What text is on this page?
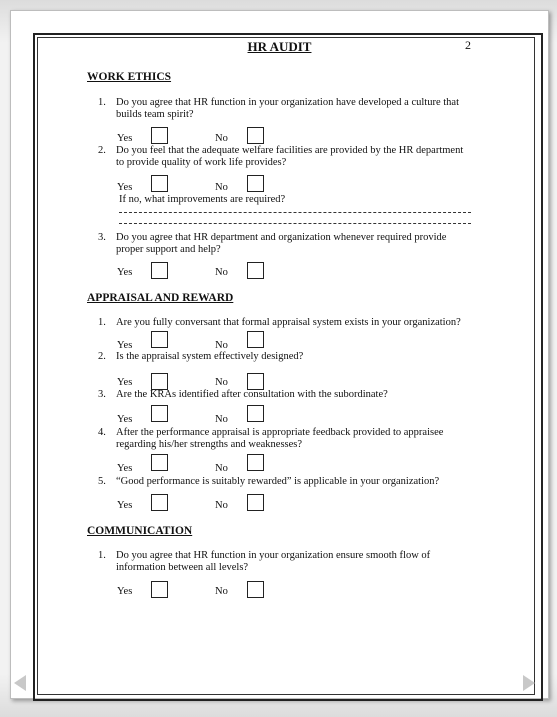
HR AUDIT	2
WORK ETHICS
1. Do you agree that HR function in your organization have developed a culture that
builds team spirit?
Yes	No
2. Do you feel that the adequate welfare facilities are provided by the HR department
to provide quality of work life provides?
Yes	No
If no, what improvements are required?
3. Do you agree that HR department and organization whenever required provide
proper support and help?
Yes	No
APPRAISAL AND REWARD
1. Are you fully conversant that formal appraisal system exists in your organization?
Yes	No
2. Is the appraisal system effectively designed?
Yes	No
3. Are the KRAs identified after consultation with the subordinate?
Yes	No
4. After the performance appraisal is appropriate feedback provided to appraisee
regarding his/her strengths and weaknesses?
Yes	No
5. “Good performance is suitably rewarded” is applicable in your organization?
Yes	No
COMMUNICATION
1. Do you agree that HR function in your organization ensure smooth flow of
information between all levels?
Yes	No
